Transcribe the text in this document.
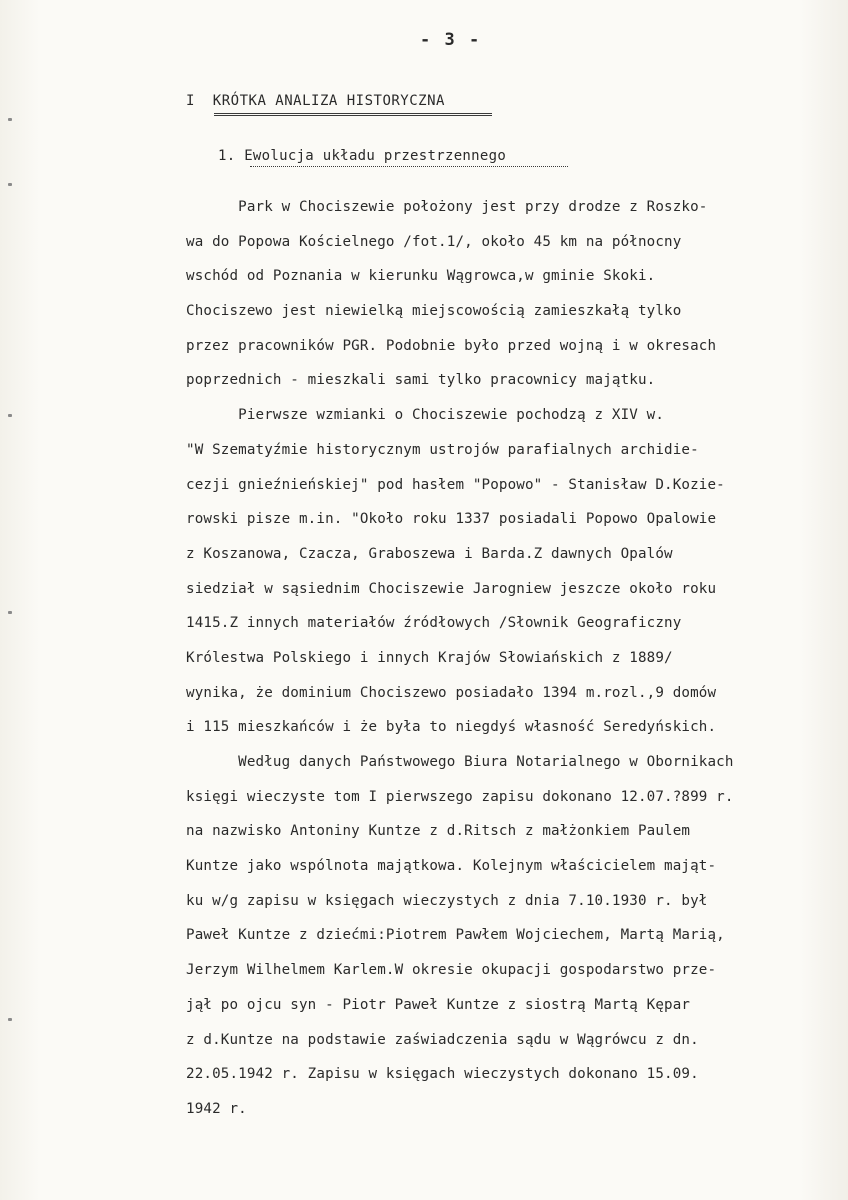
- 3 -
I KRÓTKA ANALIZA HISTORYCZNA
1. Ewolucja układu przestrzennego
Park w Chociszewie położony jest przy drodze z Roszko-
wa do Popowa Kościelnego /fot.1/, około 45 km na północny
wschód od Poznania w kierunku Wągrowca,w gminie Skoki.
Chociszewo jest niewielką miejscowością zamieszkałą tylko
przez pracowników PGR. Podobnie było przed wojną i w okresach
poprzednich - mieszkali sami tylko pracownicy majątku.
Pierwsze wzmianki o Chociszewie pochodzą z XIV w.
"W Szematyźmie historycznym ustrojów parafialnych archidie-
cezji gnieźnieńskiej" pod hasłem "Popowo" - Stanisław D.Kozie-
rowski pisze m.in. "Około roku 1337 posiadali Popowo Opalowie
z Koszanowa, Czacza, Graboszewa i Barda.Z dawnych Opalów
siedział w sąsiednim Chociszewie Jarogniew jeszcze około roku
1415.Z innych materiałów źródłowych /Słownik Geograficzny
Królestwa Polskiego i innych Krajów Słowiańskich z 1889/
wynika, że dominium Chociszewo posiadało 1394 m.rozl.,9 domów
i 115 mieszkańców i że była to niegdyś własność Seredyńskich.
Według danych Państwowego Biura Notarialnego w Obornikach
księgi wieczyste tom I pierwszego zapisu dokonano 12.07.?899 r.
na nazwisko Antoniny Kuntze z d.Ritsch z małżonkiem Paulem
Kuntze jako wspólnota majątkowa. Kolejnym właścicielem mająt-
ku w/g zapisu w księgach wieczystych z dnia 7.10.1930 r. był
Paweł Kuntze z dziećmi:Piotrem Pawłem Wojciechem, Martą Marią,
Jerzym Wilhelmem Karlem.W okresie okupacji gospodarstwo prze-
jął po ojcu syn - Piotr Paweł Kuntze z siostrą Martą Kępar
z d.Kuntze na podstawie zaświadczenia sądu w Wągrówcu z dn.
22.05.1942 r. Zapisu w księgach wieczystych dokonano 15.09.
1942 r.
